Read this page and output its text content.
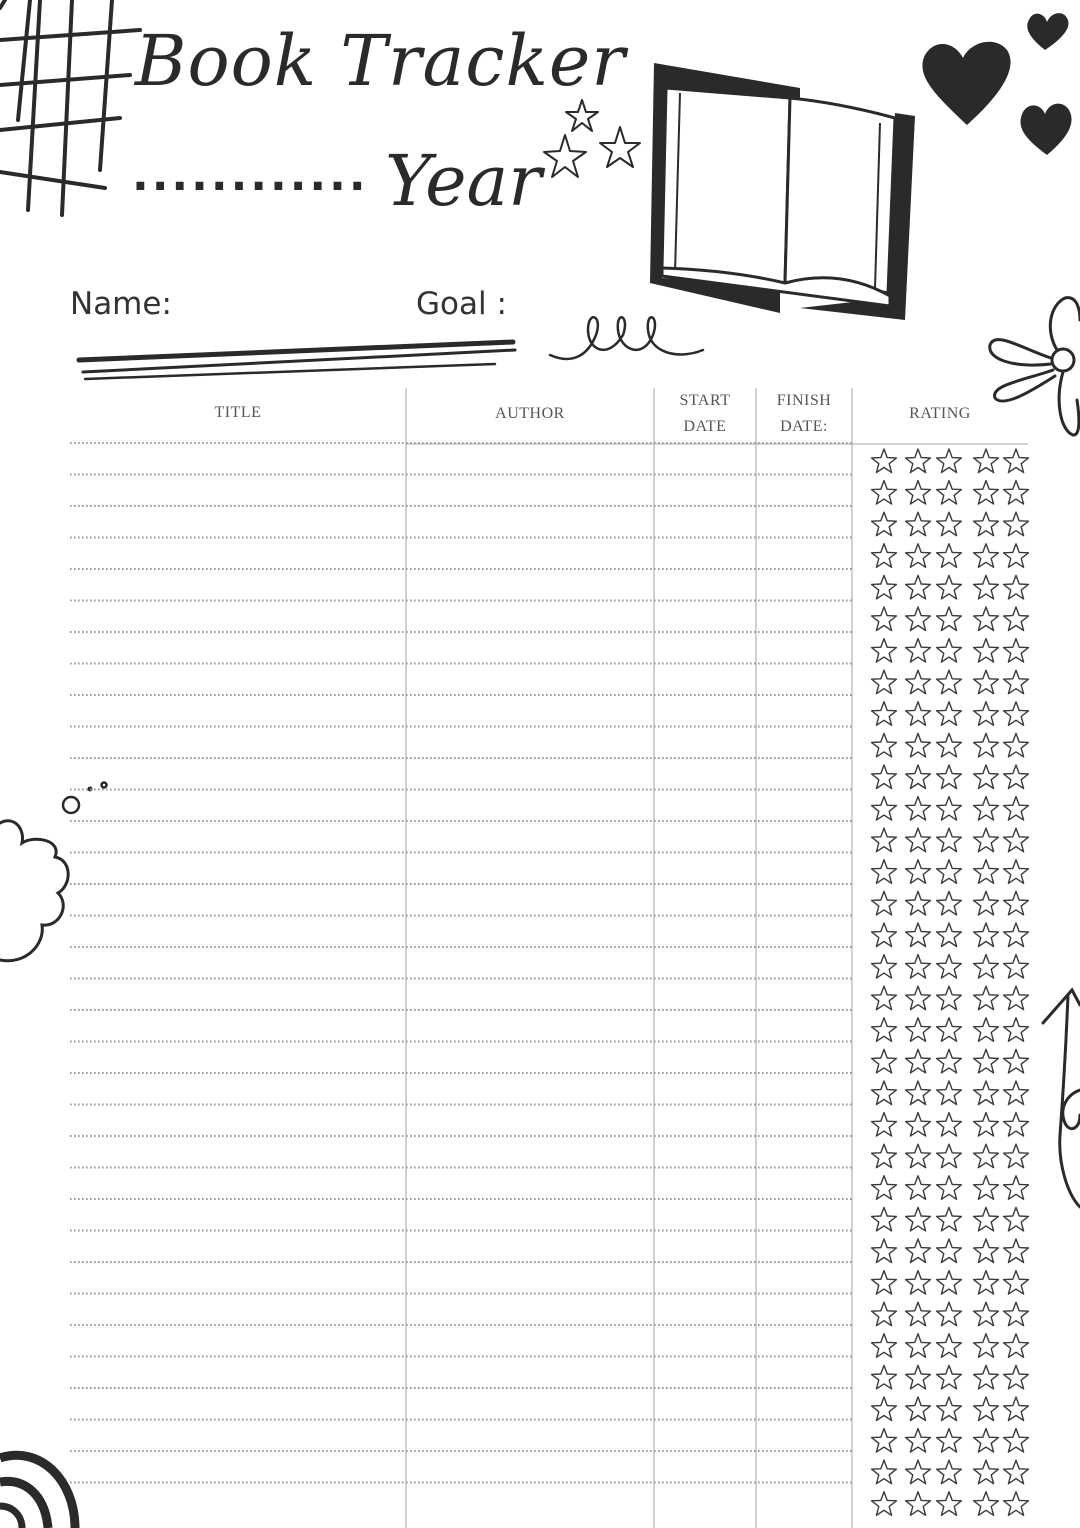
Book Tracker
............ Year
Name:	Goal :
TITLE	AUTHOR
START
DATE
FINISH
DATE:
RATING
